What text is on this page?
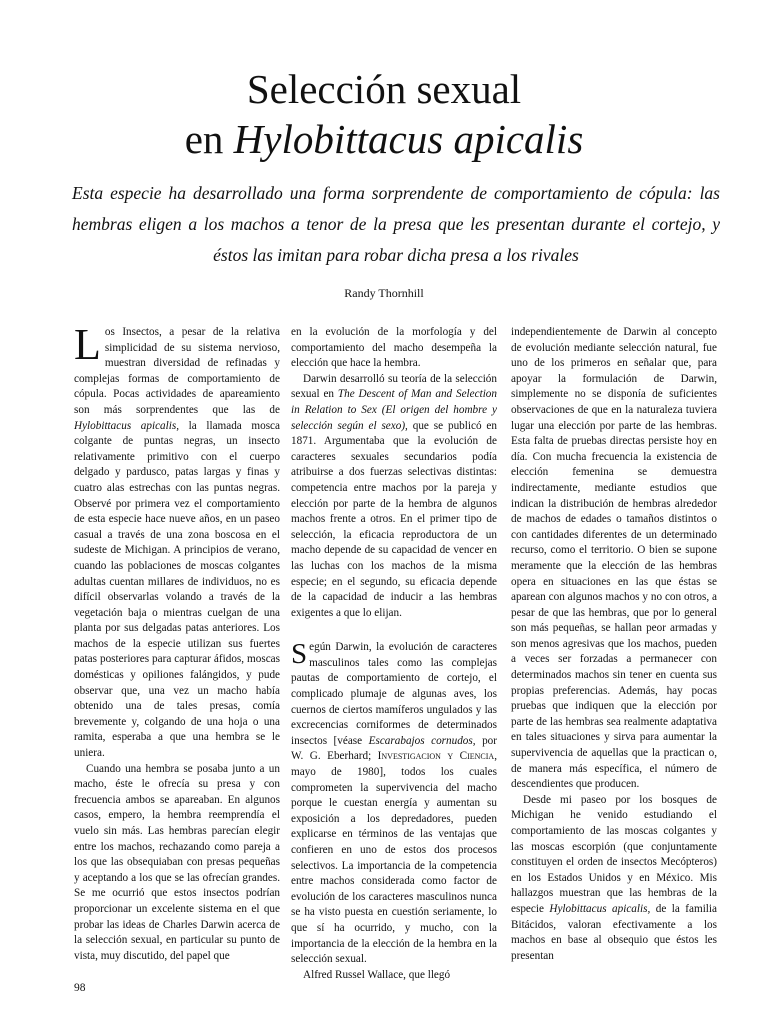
Selección sexual
en Hylobittacus apicalis

Esta especie ha desarrollado una forma sorprendente de comportamiento de cópula: las hembras eligen a los machos a tenor de la presa que les presentan durante el cortejo, y éstos las imitan para robar dicha presa a los rivales

Randy Thornhill

Los Insectos, a pesar de la relativa simplicidad de su sistema nervioso, muestran diversidad de refinadas y complejas formas de comportamiento de cópula. Pocas actividades de apareamiento son más sorprendentes que las de Hylobittacus apicalis, la llamada mosca colgante de puntas negras, un insecto relativamente primitivo con el cuerpo delgado y pardusco, patas largas y finas y cuatro alas estrechas con las puntas negras. Observé por primera vez el comportamiento de esta especie hace nueve años, en un paseo casual a través de una zona boscosa en el sudeste de Michigan. A principios de verano, cuando las poblaciones de moscas colgantes adultas cuentan millares de individuos, no es difícil observarlas volando a través de la vegetación baja o mientras cuelgan de una planta por sus delgadas patas anteriores. Los machos de la especie utilizan sus fuertes patas posteriores para capturar áfidos, moscas domésticas y opiliones falángidos, y pude observar que, una vez un macho había obtenido una de tales presas, comía brevemente y, colgando de una hoja o una ramita, esperaba a que una hembra se le uniera.

Cuando una hembra se posaba junto a un macho, éste le ofrecía su presa y con frecuencia ambos se apareaban. En algunos casos, empero, la hembra reemprendía el vuelo sin más. Las hembras parecían elegir entre los machos, rechazando como pareja a los que las obsequiaban con presas pequeñas y aceptando a los que se las ofrecían grandes. Se me ocurrió que estos insectos podrían proporcionar un excelente sistema en el que probar las ideas de Charles Darwin acerca de la selección sexual, en particular su punto de vista, muy discutido, del papel que

en la evolución de la morfología y del comportamiento del macho desempeña la elección que hace la hembra.

Darwin desarrolló su teoría de la selección sexual en The Descent of Man and Selection in Relation to Sex (El origen del hombre y selección según el sexo), que se publicó en 1871. Argumentaba que la evolución de caracteres sexuales secundarios podía atribuirse a dos fuerzas selectivas distintas: competencia entre machos por la pareja y elección por parte de la hembra de algunos machos frente a otros. En el primer tipo de selección, la eficacia reproductora de un macho depende de su capacidad de vencer en las luchas con los machos de la misma especie; en el segundo, su eficacia depende de la capacidad de inducir a las hembras exigentes a que lo elijan.

Según Darwin, la evolución de caracteres masculinos tales como las complejas pautas de comportamiento de cortejo, el complicado plumaje de algunas aves, los cuernos de ciertos mamíferos ungulados y las excrecencias corniformes de determinados insectos [véase Escarabajos cornudos, por W. G. Eberhard; Investigacion y Ciencia, mayo de 1980], todos los cuales comprometen la supervivencia del macho porque le cuestan energía y aumentan su exposición a los depredadores, pueden explicarse en términos de las ventajas que confieren en uno de estos dos procesos selectivos. La importancia de la competencia entre machos considerada como factor de evolución de los caracteres masculinos nunca se ha visto puesta en cuestión seriamente, lo que sí ha ocurrido, y mucho, con la importancia de la elección de la hembra en la selección sexual.

Alfred Russel Wallace, que llegó

independientemente de Darwin al concepto de evolución mediante selección natural, fue uno de los primeros en señalar que, para apoyar la formulación de Darwin, simplemente no se disponía de suficientes observaciones de que en la naturaleza tuviera lugar una elección por parte de las hembras. Esta falta de pruebas directas persiste hoy en día. Con mucha frecuencia la existencia de elección femenina se demuestra indirectamente, mediante estudios que indican la distribución de hembras alrededor de machos de edades o tamaños distintos o con cantidades diferentes de un determinado recurso, como el territorio. O bien se supone meramente que la elección de las hembras opera en situaciones en las que éstas se aparean con algunos machos y no con otros, a pesar de que las hembras, que por lo general son más pequeñas, se hallan peor armadas y son menos agresivas que los machos, pueden a veces ser forzadas a permanecer con determinados machos sin tener en cuenta sus propias preferencias. Además, hay pocas pruebas que indiquen que la elección por parte de las hembras sea realmente adaptativa en tales situaciones y sirva para aumentar la supervivencia de aquellas que la practican o, de manera más específica, el número de descendientes que producen.

Desde mi paseo por los bosques de Michigan he venido estudiando el comportamiento de las moscas colgantes y las moscas escorpión (que conjuntamente constituyen el orden de insectos Mecópteros) en los Estados Unidos y en México. Mis hallazgos muestran que las hembras de la especie Hylobittacus apicalis, de la familia Bitácidos, valoran efectivamente a los machos en base al obsequio que éstos les presentan

98
